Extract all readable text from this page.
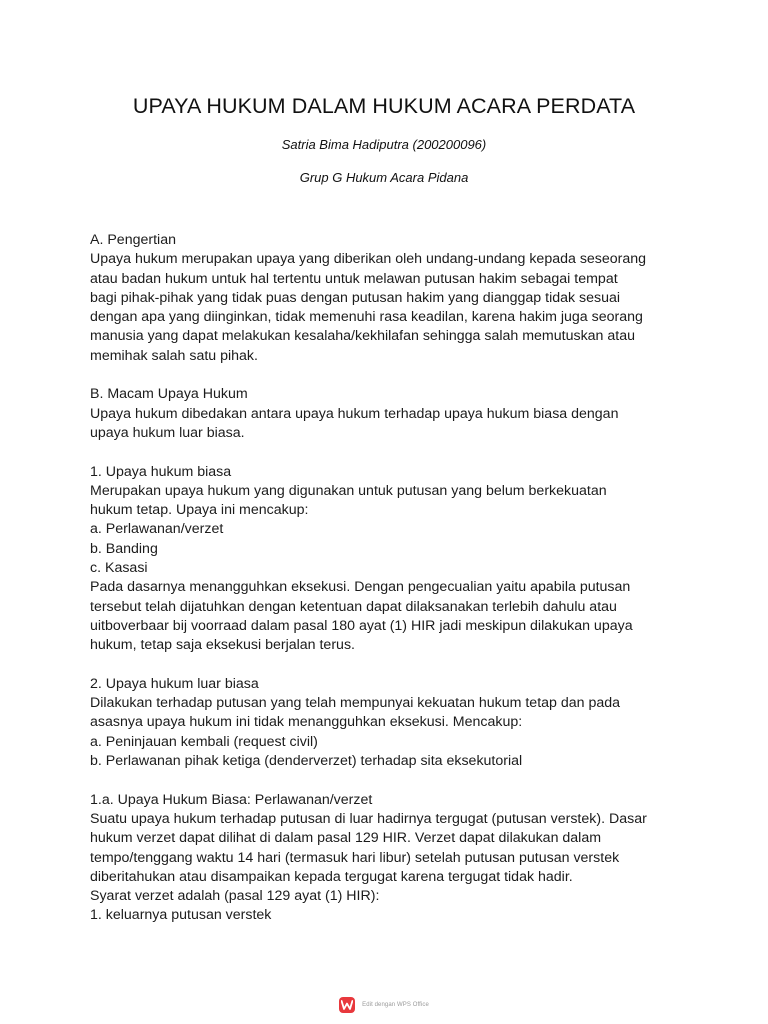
UPAYA HUKUM DALAM HUKUM ACARA PERDATA
Satria Bima Hadiputra (200200096)
Grup G Hukum Acara Pidana
A. Pengertian
Upaya hukum merupakan upaya yang diberikan oleh undang-undang kepada seseorang
atau badan hukum untuk hal tertentu untuk melawan putusan hakim sebagai tempat
bagi pihak-pihak yang tidak puas dengan putusan hakim yang dianggap tidak sesuai
dengan apa yang diinginkan, tidak memenuhi rasa keadilan, karena hakim juga seorang
manusia yang dapat melakukan kesalaha/kekhilafan sehingga salah memutuskan atau
memihak salah satu pihak.
B. Macam Upaya Hukum
Upaya hukum dibedakan antara upaya hukum terhadap upaya hukum biasa dengan
upaya hukum luar biasa.
1. Upaya hukum biasa
Merupakan upaya hukum yang digunakan untuk putusan yang belum berkekuatan
hukum tetap. Upaya ini mencakup:
a. Perlawanan/verzet
b. Banding
c. Kasasi
Pada dasarnya menangguhkan eksekusi. Dengan pengecualian yaitu apabila putusan
tersebut telah dijatuhkan dengan ketentuan dapat dilaksanakan terlebih dahulu atau
uitboverbaar bij voorraad dalam pasal 180 ayat (1) HIR jadi meskipun dilakukan upaya
hukum, tetap saja eksekusi berjalan terus.
2. Upaya hukum luar biasa
Dilakukan terhadap putusan yang telah mempunyai kekuatan hukum tetap dan pada
asasnya upaya hukum ini tidak menangguhkan eksekusi. Mencakup:
a. Peninjauan kembali (request civil)
b. Perlawanan pihak ketiga (denderverzet) terhadap sita eksekutorial
1.a. Upaya Hukum Biasa: Perlawanan/verzet
Suatu upaya hukum terhadap putusan di luar hadirnya tergugat (putusan verstek). Dasar
hukum verzet dapat dilihat di dalam pasal 129 HIR. Verzet dapat dilakukan dalam
tempo/tenggang waktu 14 hari (termasuk hari libur) setelah putusan putusan verstek
diberitahukan atau disampaikan kepada tergugat karena tergugat tidak hadir.
Syarat verzet adalah (pasal 129 ayat (1) HIR):
1. keluarnya putusan verstek
Edit dengan WPS Office
